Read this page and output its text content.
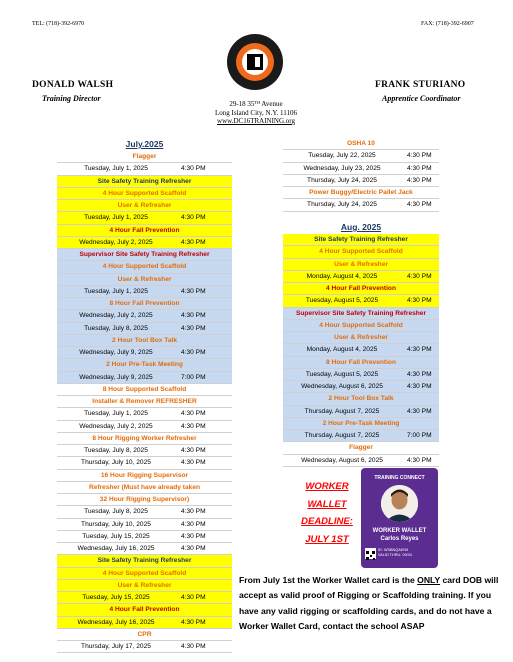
TEL: (718)-392-6970	FAX: (718)-392-6907
DONALD WALSH
Training Director
FRANK STURIANO
Apprentice Coordinator
29-18 35ᵀᴴ Avenue
Long Island City, N.Y. 11106
www.DC16TRAINING.org
July.2025
Flagger
Tuesday, July 1, 2025	4:30 PM
Site Safety Training Refresher
4 Hour Supported Scaffold
User & Refresher
Tuesday, July 1, 2025	4:30 PM
4 Hour Fall Prevention
Wednesday, July 2, 2025	4:30 PM
Supervisor Site Safety Training Refresher
4 Hour Supported Scaffold
User & Refresher
Tuesday, July 1, 2025	4:30 PM
8 Hour Fall Prevention
Wednesday, July 2, 2025	4:30 PM
Tuesday, July 8, 2025	4:30 PM
2 Hour Tool Box Talk
Wednesday, July 9, 2025	4:30 PM
2 Hour Pre-Task Meeting
Wednesday, July 9, 2025	7:00 PM
8 Hour Supported Scaffold
Installer & Remover REFRESHER
Tuesday, July 1, 2025	4:30 PM
Wednesday, July 2, 2025	4:30 PM
8 Hour Rigging Worker Refresher
Tuesday, July 8, 2025	4:30 PM
Thursday, July 10, 2025	4:30 PM
16 Hour Rigging Supervisor
Refresher (Must have already taken
32 Hour Rigging Supervisor)
Tuesday, July 8, 2025	4:30 PM
Thursday, July 10, 2025	4:30 PM
Tuesday, July 15, 2025	4:30 PM
Wednesday, July 16, 2025	4:30 PM
Site Safety Training Refresher
4 Hour Supported Scaffold
User & Refresher
Tuesday, July 15, 2025	4:30 PM
4 Hour Fall Prevention
Wednesday, July 16, 2025	4:30 PM
CPR
Thursday, July 17, 2025	4:30 PM
OSHA 10
Tuesday, July 22, 2025	4:30 PM
Wednesday, July 23, 2025	4:30 PM
Thursday, July 24, 2025	4:30 PM
Power Buggy/Electric Pallet Jack
Thursday, July 24, 2025	4:30 PM
Aug. 2025
Site Safety Training Refresher
4 Hour Supported Scaffold
User & Refresher
Monday, August 4, 2025	4:30 PM
4 Hour Fall Prevention
Tuesday, August 5, 2025	4:30 PM
Supervisor Site Safety Training Refresher
4 Hour Supported Scaffold
User & Refresher
Monday, August 4, 2025	4:30 PM
8 Hour Fall Prevention
Tuesday, August 5, 2025	4:30 PM
Wednesday, August 6, 2025	4:30 PM
2 Hour Tool Box Talk
Thursday, August 7, 2025	4:30 PM
2 Hour Pre-Task Meeting
Thursday, August 7, 2025	7:00 PM
Flagger
Wednesday, August 6, 2025	4:30 PM
WORKER
WALLET
DEADLINE:
JULY 1ST
TRAINING CONNECT
WORKER WALLET
Carlos Reyes
ID: WSBNQAEN9
VALID THRU: 09/34
From July 1st the Worker Wallet card is the ONLY card DOB will accept as valid proof of Rigging or Scaffolding training. If you have any valid rigging or scaffolding cards, and do not have a Worker Wallet Card, contact the school ASAP
